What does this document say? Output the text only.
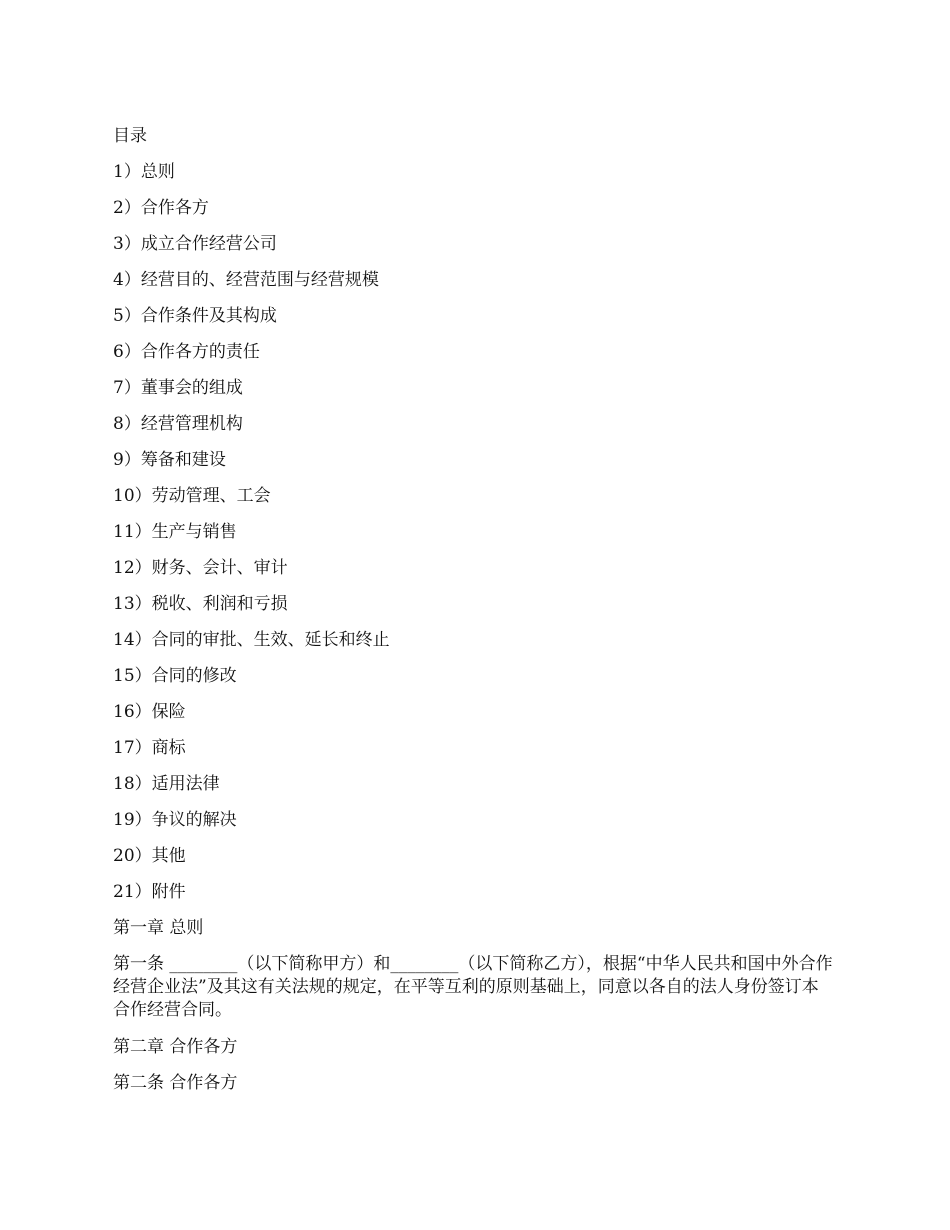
目录
1）总则
2）合作各方
3）成立合作经营公司
4）经营目的、经营范围与经营规模
5）合作条件及其构成
6）合作各方的责任
7）董事会的组成
8）经营管理机构
9）筹备和建设
10）劳动管理、工会
11）生产与销售
12）财务、会计、审计
13）税收、利润和亏损
14）合同的审批、生效、延长和终止
15）合同的修改
16）保险
17）商标
18）适用法律
19）争议的解决
20）其他
21）附件
第一章 总则
第一条 ________（以下简称甲方）和________（以下简称乙方），根据“中华人民共和国中外合作经营企业法”及其这有关法规的规定，在平等互利的原则基础上，同意以各自的法人身份签订本合作经营合同。
第二章 合作各方
第二条 合作各方
